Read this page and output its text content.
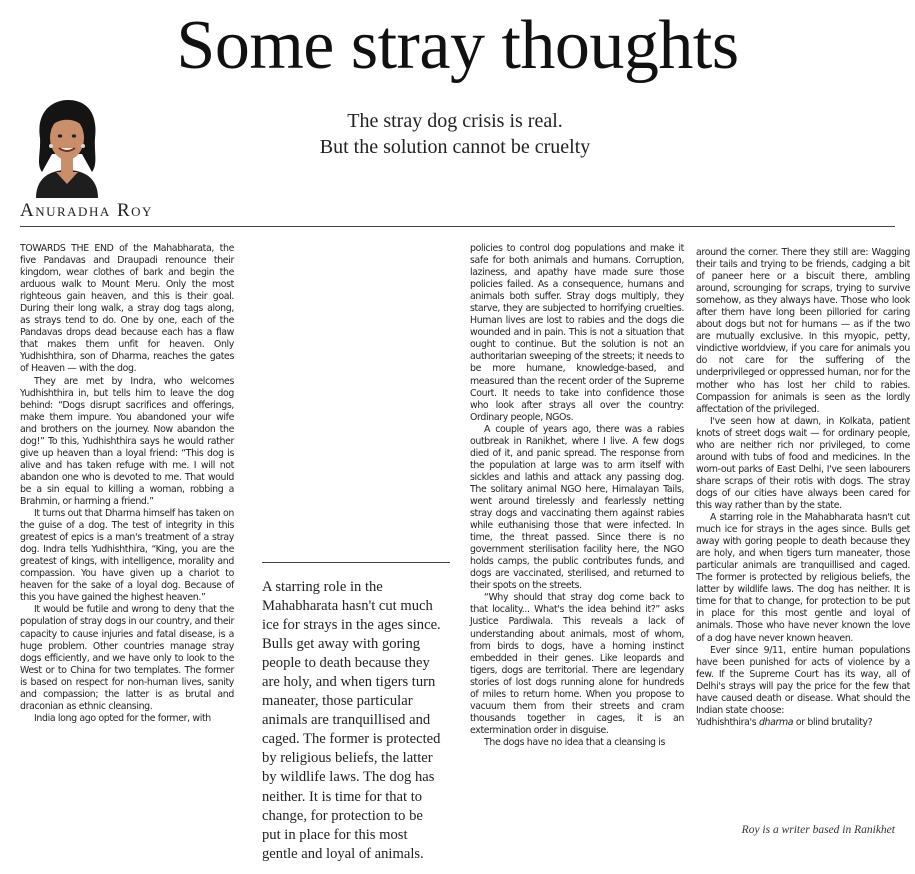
Some stray thoughts
The stray dog crisis is real.
But the solution cannot be cruelty
Anuradha Roy

TOWARDS THE END of the Mahabharata, the five Pandavas and Draupadi renounce their kingdom, wear clothes of bark and begin the arduous walk to Mount Meru. Only the most righteous gain heaven, and this is their goal. During their long walk, a stray dog tags along, as strays tend to do. One by one, each of the Pandavas drops dead because each has a flaw that makes them unfit for heaven. Only Yudhishthira, son of Dharma, reaches the gates of Heaven — with the dog.

They are met by Indra, who welcomes Yudhishthira in, but tells him to leave the dog behind: “Dogs disrupt sacrifices and offerings, make them impure. You abandoned your wife and brothers on the journey. Now abandon the dog!” To this, Yudhishthira says he would rather give up heaven than a loyal friend: “This dog is alive and has taken refuge with me. I will not abandon one who is devoted to me. That would be a sin equal to killing a woman, robbing a Brahmin, or harming a friend.”

It turns out that Dharma himself has taken on the guise of a dog. The test of integrity in this greatest of epics is a man's treatment of a stray dog. Indra tells Yudhishthira, “King, you are the greatest of kings, with intelligence, morality and compassion. You have given up a chariot to heaven for the sake of a loyal dog. Because of this you have gained the highest heaven.”

It would be futile and wrong to deny that the population of stray dogs in our country, and their capacity to cause injuries and fatal disease, is a huge problem. Other countries manage stray dogs efficiently, and we have only to look to the West or to China for two templates. The former is based on respect for non-human lives, sanity and compassion; the latter is as brutal and draconian as ethnic cleansing.

India long ago opted for the former, with

A starring role in the
Mahabharata hasn't cut much
ice for strays in the ages since.
Bulls get away with goring
people to death because they
are holy, and when tigers turn
maneater, those particular
animals are tranquillised and
caged. The former is protected
by religious beliefs, the latter
by wildlife laws. The dog has
neither. It is time for that to
change, for protection to be
put in place for this most
gentle and loyal of animals.

policies to control dog populations and make it safe for both animals and humans. Corruption, laziness, and apathy have made sure those policies failed. As a consequence, humans and animals both suffer. Stray dogs multiply, they starve, they are subjected to horrifying cruelties. Human lives are lost to rabies and the dogs die wounded and in pain. This is not a situation that ought to continue. But the solution is not an authoritarian sweeping of the streets; it needs to be more humane, knowledge-based, and measured than the recent order of the Supreme Court. It needs to take into confidence those who look after strays all over the country: Ordinary people, NGOs.

A couple of years ago, there was a rabies outbreak in Ranikhet, where I live. A few dogs died of it, and panic spread. The response from the population at large was to arm itself with sickles and lathis and attack any passing dog. The solitary animal NGO here, Himalayan Tails, went around tirelessly and fearlessly netting stray dogs and vaccinating them against rabies while euthanising those that were infected. In time, the threat passed. Since there is no government sterilisation facility here, the NGO holds camps, the public contributes funds, and dogs are vaccinated, sterilised, and returned to their spots on the streets.

“Why should that stray dog come back to that locality... What's the idea behind it?” asks Justice Pardiwala. This reveals a lack of understanding about animals, most of whom, from birds to dogs, have a homing instinct embedded in their genes. Like leopards and tigers, dogs are territorial. There are legendary stories of lost dogs running alone for hundreds of miles to return home. When you propose to vacuum them from their streets and cram thousands together in cages, it is an extermination order in disguise.

The dogs have no idea that a cleansing is

around the corner. There they still are: Wagging their tails and trying to be friends, cadging a bit of paneer here or a biscuit there, ambling around, scrounging for scraps, trying to survive somehow, as they always have. Those who look after them have long been pilloried for caring about dogs but not for humans — as if the two are mutually exclusive. In this myopic, petty, vindictive worldview, if you care for animals you do not care for the suffering of the underprivileged or oppressed human, nor for the mother who has lost her child to rabies. Compassion for animals is seen as the lordly affectation of the privileged.

I've seen how at dawn, in Kolkata, patient knots of street dogs wait — for ordinary people, who are neither rich nor privileged, to come around with tubs of food and medicines. In the worn-out parks of East Delhi, I've seen labourers share scraps of their rotis with dogs. The stray dogs of our cities have always been cared for this way rather than by the state.

A starring role in the Mahabharata hasn't cut much ice for strays in the ages since. Bulls get away with goring people to death because they are holy, and when tigers turn maneater, those particular animals are tranquillised and caged. The former is protected by religious beliefs, the latter by wildlife laws. The dog has neither. It is time for that to change, for protection to be put in place for this most gentle and loyal of animals. Those who have never known the love of a dog have never known heaven.

Ever since 9/11, entire human populations have been punished for acts of violence by a few. If the Supreme Court has its way, all of Delhi's strays will pay the price for the few that have caused death or disease. What should the Indian state choose:

Yudhishthira's dharma or blind brutality?

Roy is a writer based in Ranikhet
